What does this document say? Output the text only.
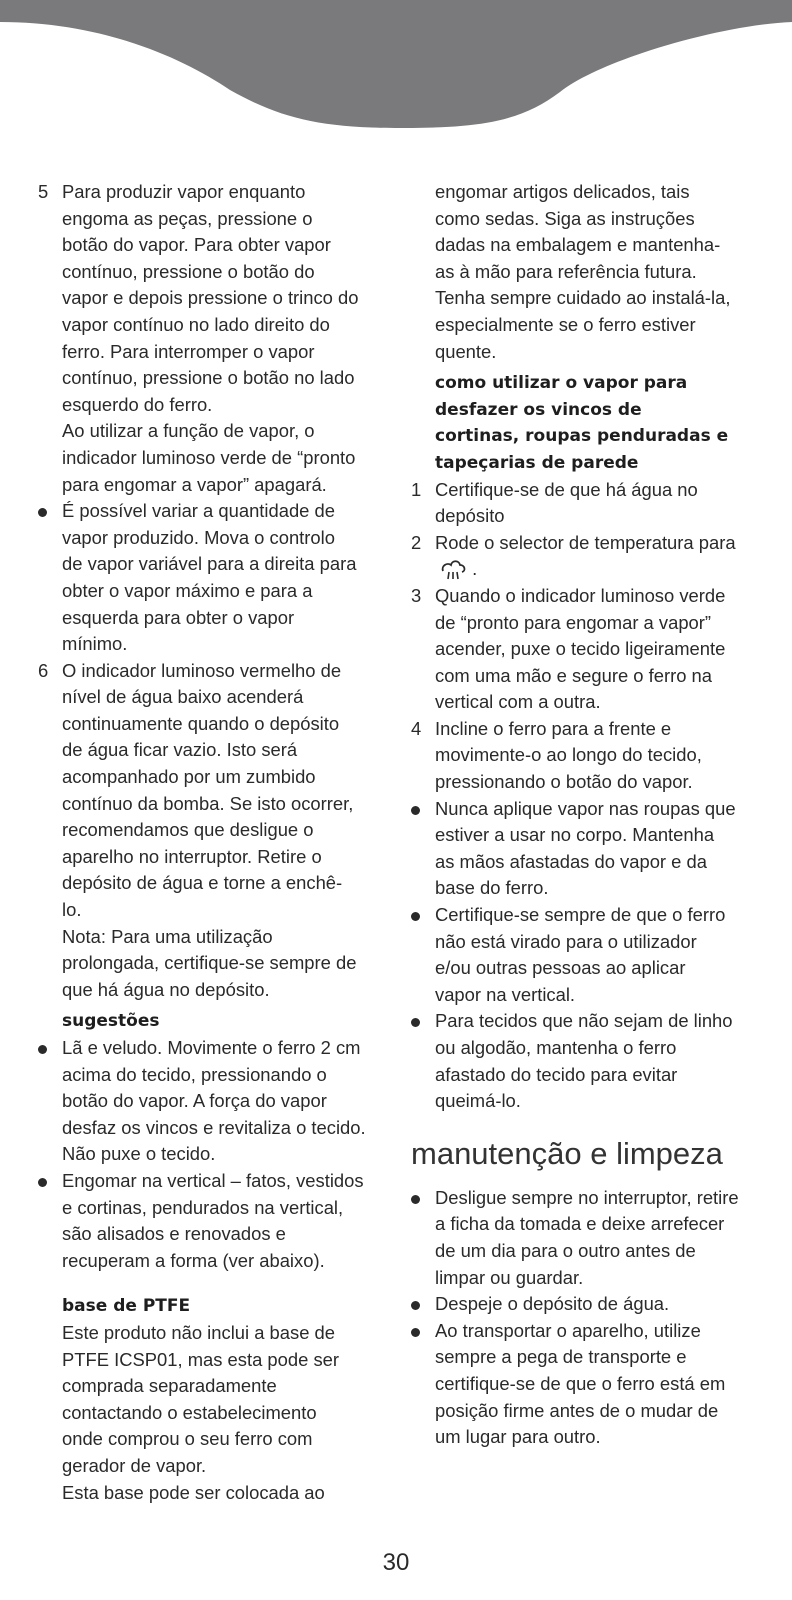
5 Para produzir vapor enquanto
engoma as peças, pressione o
botão do vapor. Para obter vapor
contínuo, pressione o botão do
vapor e depois pressione o trinco do
vapor contínuo no lado direito do
ferro. Para interromper o vapor
contínuo, pressione o botão no lado
esquerdo do ferro.
Ao utilizar a função de vapor, o
indicador luminoso verde de “pronto
para engomar a vapor” apagará.
É possível variar a quantidade de
vapor produzido. Mova o controlo
de vapor variável para a direita para
obter o vapor máximo e para a
esquerda para obter o vapor
mínimo.
6 O indicador luminoso vermelho de
nível de água baixo acenderá
continuamente quando o depósito
de água ficar vazio. Isto será
acompanhado por um zumbido
contínuo da bomba. Se isto ocorrer,
recomendamos que desligue o
aparelho no interruptor. Retire o
depósito de água e torne a enchê-
lo.
Nota: Para uma utilização
prolongada, certifique-se sempre de
que há água no depósito.
sugestões
Lã e veludo. Movimente o ferro 2 cm
acima do tecido, pressionando o
botão do vapor. A força do vapor
desfaz os vincos e revitaliza o tecido.
Não puxe o tecido.
Engomar na vertical – fatos, vestidos
e cortinas, pendurados na vertical,
são alisados e renovados e
recuperam a forma (ver abaixo).
base de PTFE
Este produto não inclui a base de
PTFE ICSP01, mas esta pode ser
comprada separadamente
contactando o estabelecimento
onde comprou o seu ferro com
gerador de vapor.
Esta base pode ser colocada ao
engomar artigos delicados, tais
como sedas. Siga as instruções
dadas na embalagem e mantenha-
as à mão para referência futura.
Tenha sempre cuidado ao instalá-la,
especialmente se o ferro estiver
quente.
como utilizar o vapor para
desfazer os vincos de
cortinas, roupas penduradas e
tapeçarias de parede
1 Certifique-se de que há água no
depósito
2 Rode o selector de temperatura para
.
3 Quando o indicador luminoso verde
de “pronto para engomar a vapor”
acender, puxe o tecido ligeiramente
com uma mão e segure o ferro na
vertical com a outra.
4 Incline o ferro para a frente e
movimente-o ao longo do tecido,
pressionando o botão do vapor.
Nunca aplique vapor nas roupas que
estiver a usar no corpo. Mantenha
as mãos afastadas do vapor e da
base do ferro.
Certifique-se sempre de que o ferro
não está virado para o utilizador
e/ou outras pessoas ao aplicar
vapor na vertical.
Para tecidos que não sejam de linho
ou algodão, mantenha o ferro
afastado do tecido para evitar
queimá-lo.
manutenção e limpeza
Desligue sempre no interruptor, retire
a ficha da tomada e deixe arrefecer
de um dia para o outro antes de
limpar ou guardar.
Despeje o depósito de água.
Ao transportar o aparelho, utilize
sempre a pega de transporte e
certifique-se de que o ferro está em
posição firme antes de o mudar de
um lugar para outro.
30
